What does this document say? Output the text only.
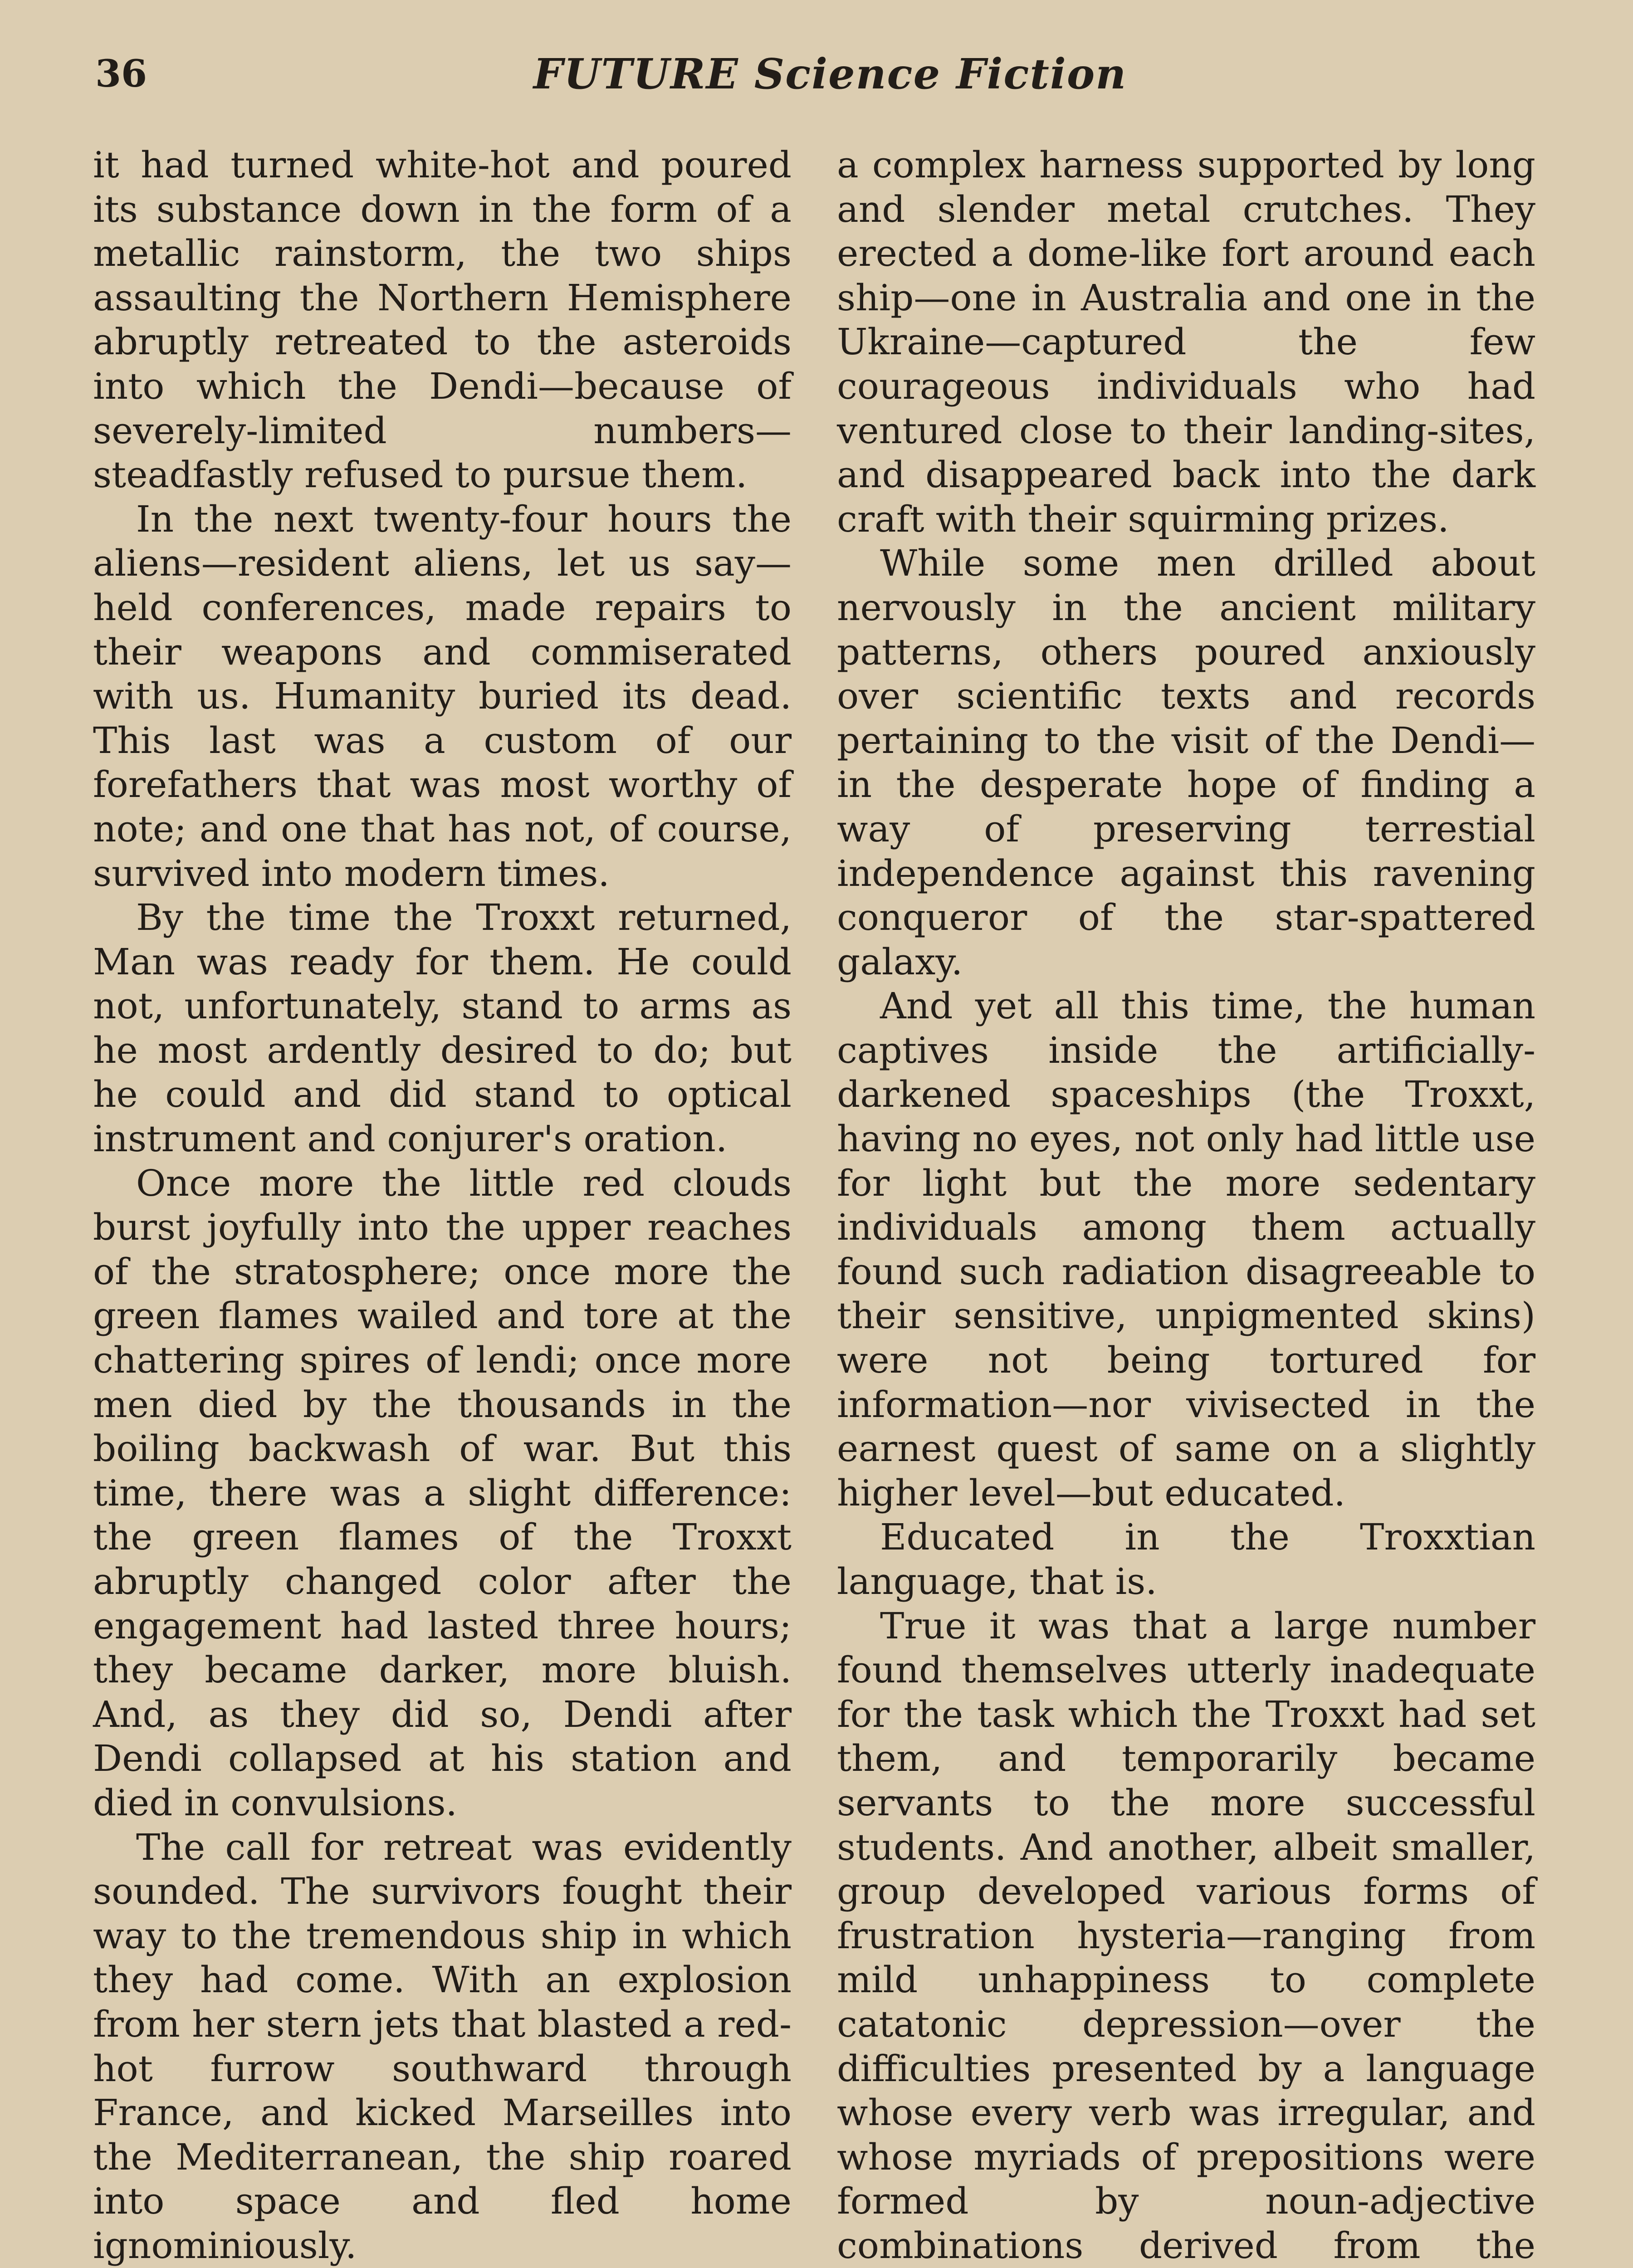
36	FUTURE Science Fiction

it had turned white-hot and poured its substance down in the form of a metallic rainstorm, the two ships assaulting the Northern Hemisphere abruptly retreated to the asteroids into which the Dendi—because of severely-limited numbers—steadfastly refused to pursue them.

In the next twenty-four hours the aliens—resident aliens, let us say—held conferences, made repairs to their weapons and commiserated with us. Humanity buried its dead. This last was a custom of our forefathers that was most worthy of note; and one that has not, of course, survived into modern times.

By the time the Troxxt returned, Man was ready for them. He could not, unfortunately, stand to arms as he most ardently desired to do; but he could and did stand to optical instrument and conjurer's oration.

Once more the little red clouds burst joyfully into the upper reaches of the stratosphere; once more the green flames wailed and tore at the chattering spires of lendi; once more men died by the thousands in the boiling backwash of war. But this time, there was a slight difference: the green flames of the Troxxt abruptly changed color after the engagement had lasted three hours; they became darker, more bluish. And, as they did so, Dendi after Dendi collapsed at his station and died in convulsions.

The call for retreat was evidently sounded. The survivors fought their way to the tremendous ship in which they had come. With an explosion from her stern jets that blasted a red-hot furrow southward through France, and kicked Marseilles into the Mediterranean, the ship roared into space and fled home ignominiously.

a complex harness supported by long and slender metal crutches. They erected a dome-like fort around each ship—one in Australia and one in the Ukraine—captured the few courageous individuals who had ventured close to their landing-sites, and disappeared back into the dark craft with their squirming prizes.

While some men drilled about nervously in the ancient military patterns, others poured anxiously over scientific texts and records pertaining to the visit of the Dendi—in the desperate hope of finding a way of preserving terrestial independence against this ravening conqueror of the star-spattered galaxy.

And yet all this time, the human captives inside the artificially-darkened spaceships (the Troxxt, having no eyes, not only had little use for light but the more sedentary individuals among them actually found such radiation disagreeable to their sensitive, unpigmented skins) were not being tortured for information—nor vivisected in the earnest quest of same on a slightly higher level—but educated.

Educated in the Troxxtian language, that is.

True it was that a large number found themselves utterly inadequate for the task which the Troxxt had set them, and temporarily became servants to the more successful students. And another, albeit smaller, group developed various forms of frustration hysteria—ranging from mild unhappiness to complete catatonic depression—over the difficulties presented by a language whose every verb was irregular, and whose myriads of prepositions were formed by noun-adjective combinations derived from the
